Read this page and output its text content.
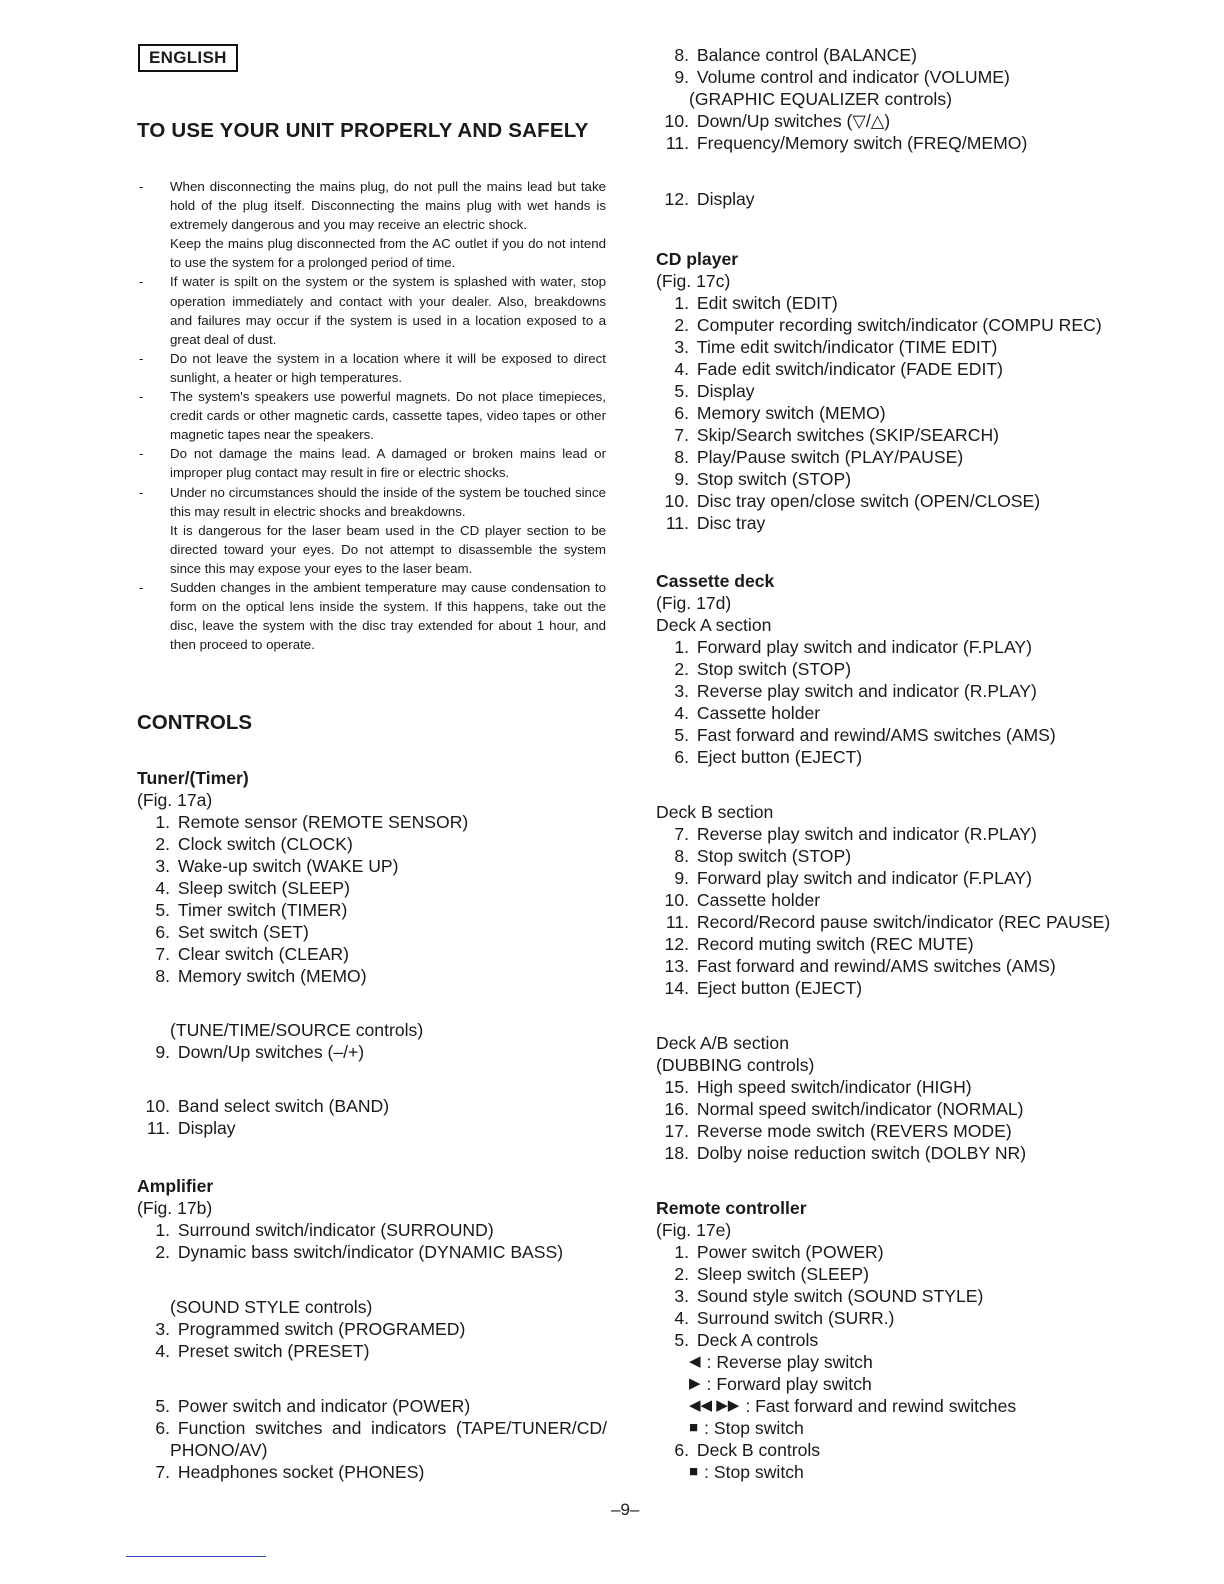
ENGLISH
TO USE YOUR UNIT PROPERLY AND SAFELY
- When disconnecting the mains plug, do not pull the mains lead but take hold of the plug itself. Disconnecting the mains plug with wet hands is extremely dangerous and you may receive an electric shock.
Keep the mains plug disconnected from the AC outlet if you do not intend to use the system for a prolonged period of time.
- If water is spilt on the system or the system is splashed with water, stop operation immediately and contact with your dealer. Also, breakdowns and failures may occur if the system is used in a location exposed to a great deal of dust.
- Do not leave the system in a location where it will be exposed to direct sunlight, a heater or high temperatures.
- The system's speakers use powerful magnets. Do not place timepieces, credit cards or other magnetic cards, cassette tapes, video tapes or other magnetic tapes near the speakers.
- Do not damage the mains lead. A damaged or broken mains lead or improper plug contact may result in fire or electric shocks.
- Under no circumstances should the inside of the system be touched since this may result in electric shocks and breakdowns.
It is dangerous for the laser beam used in the CD player section to be directed toward your eyes. Do not attempt to disassemble the system since this may expose your eyes to the laser beam.
- Sudden changes in the ambient temperature may cause condensation to form on the optical lens inside the system. If this happens, take out the disc, leave the system with the disc tray extended for about 1 hour, and then proceed to operate.
CONTROLS
Tuner/(Timer)
(Fig. 17a)
1. Remote sensor (REMOTE SENSOR)
2. Clock switch (CLOCK)
3. Wake-up switch (WAKE UP)
4. Sleep switch (SLEEP)
5. Timer switch (TIMER)
6. Set switch (SET)
7. Clear switch (CLEAR)
8. Memory switch (MEMO)
(TUNE/TIME/SOURCE controls)
9. Down/Up switches (–/+)
10. Band select switch (BAND)
11. Display
Amplifier
(Fig. 17b)
1. Surround switch/indicator (SURROUND)
2. Dynamic bass switch/indicator (DYNAMIC BASS)
(SOUND STYLE controls)
3. Programmed switch (PROGRAMED)
4. Preset switch (PRESET)
5. Power switch and indicator (POWER)
6. Function switches and indicators (TAPE/TUNER/CD/
PHONO/AV)
7. Headphones socket (PHONES)
8. Balance control (BALANCE)
9. Volume control and indicator (VOLUME)
(GRAPHIC EQUALIZER controls)
10. Down/Up switches (▽/△)
11. Frequency/Memory switch (FREQ/MEMO)
12. Display
CD player
(Fig. 17c)
1. Edit switch (EDIT)
2. Computer recording switch/indicator (COMPU REC)
3. Time edit switch/indicator (TIME EDIT)
4. Fade edit switch/indicator (FADE EDIT)
5. Display
6. Memory switch (MEMO)
7. Skip/Search switches (SKIP/SEARCH)
8. Play/Pause switch (PLAY/PAUSE)
9. Stop switch (STOP)
10. Disc tray open/close switch (OPEN/CLOSE)
11. Disc tray
Cassette deck
(Fig. 17d)
Deck A section
1. Forward play switch and indicator (F.PLAY)
2. Stop switch (STOP)
3. Reverse play switch and indicator (R.PLAY)
4. Cassette holder
5. Fast forward and rewind/AMS switches (AMS)
6. Eject button (EJECT)
Deck B section
7. Reverse play switch and indicator (R.PLAY)
8. Stop switch (STOP)
9. Forward play switch and indicator (F.PLAY)
10. Cassette holder
11. Record/Record pause switch/indicator (REC PAUSE)
12. Record muting switch (REC MUTE)
13. Fast forward and rewind/AMS switches (AMS)
14. Eject button (EJECT)
Deck A/B section
(DUBBING controls)
15. High speed switch/indicator (HIGH)
16. Normal speed switch/indicator (NORMAL)
17. Reverse mode switch (REVERS MODE)
18. Dolby noise reduction switch (DOLBY NR)
Remote controller
(Fig. 17e)
1. Power switch (POWER)
2. Sleep switch (SLEEP)
3. Sound style switch (SOUND STYLE)
4. Surround switch (SURR.)
5. Deck A controls
◀ : Reverse play switch
▶ : Forward play switch
◀◀ ▶▶ : Fast forward and rewind switches
■ : Stop switch
6. Deck B controls
■ : Stop switch
–9–
